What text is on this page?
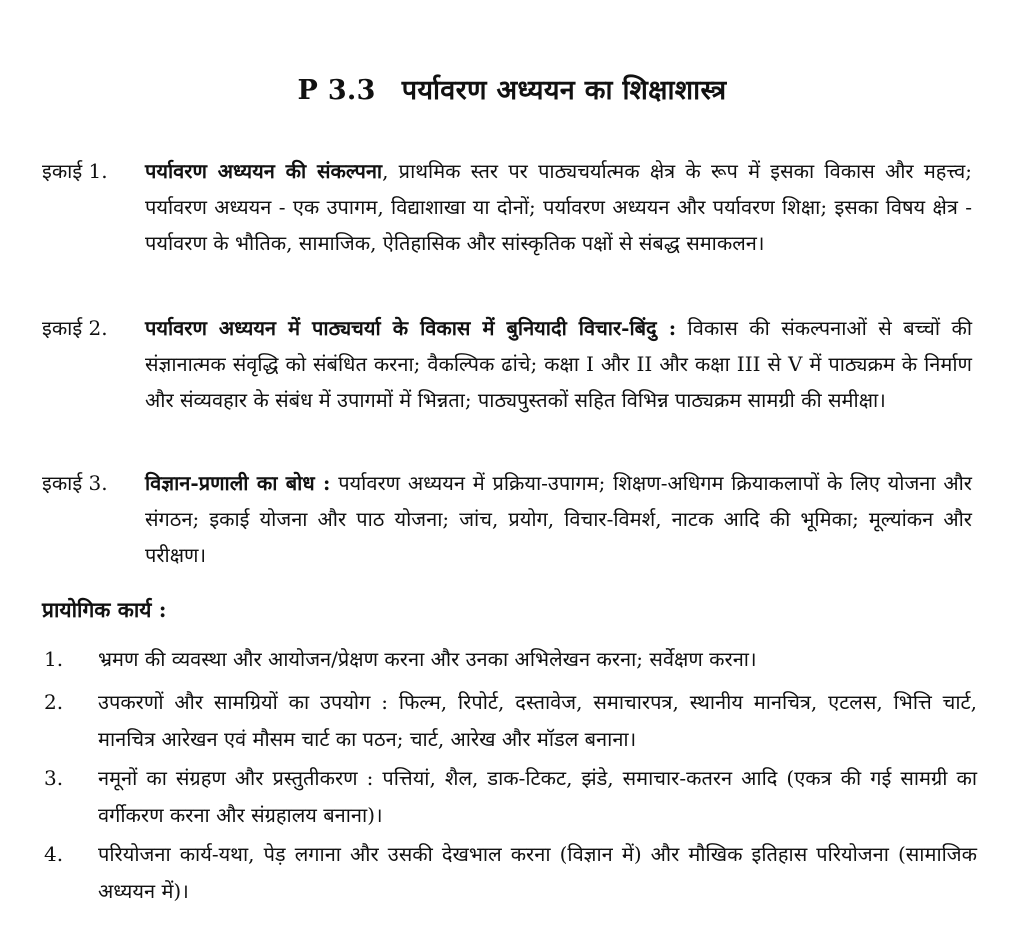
P 3.3 पर्यावरण अध्ययन का शिक्षाशास्त्र
इकाई 1. पर्यावरण अध्ययन की संकल्पना, प्राथमिक स्तर पर पाठ्यचर्यात्मक क्षेत्र के रूप में इसका विकास और महत्त्व; पर्यावरण अध्ययन - एक उपागम, विद्याशाखा या दोनों; पर्यावरण अध्ययन और पर्यावरण शिक्षा; इसका विषय क्षेत्र - पर्यावरण के भौतिक, सामाजिक, ऐतिहासिक और सांस्कृतिक पक्षों से संबद्ध समाकलन।
इकाई 2. पर्यावरण अध्ययन में पाठ्यचर्या के विकास में बुनियादी विचार-बिंदु : विकास की संकल्पनाओं से बच्चों की संज्ञानात्मक संवृद्धि को संबंधित करना; वैकल्पिक ढांचे; कक्षा I और II और कक्षा III से V में पाठ्यक्रम के निर्माण और संव्यवहार के संबंध में उपागमों में भिन्नता; पाठ्यपुस्तकों सहित विभिन्न पाठ्यक्रम सामग्री की समीक्षा।
इकाई 3. विज्ञान-प्रणाली का बोध : पर्यावरण अध्ययन में प्रक्रिया-उपागम; शिक्षण-अधिगम क्रियाकलापों के लिए योजना और संगठन; इकाई योजना और पाठ योजना; जांच, प्रयोग, विचार-विमर्श, नाटक आदि की भूमिका; मूल्यांकन और परीक्षण।
प्रायोगिक कार्य :
1. भ्रमण की व्यवस्था और आयोजन/प्रेक्षण करना और उनका अभिलेखन करना; सर्वेक्षण करना।
2. उपकरणों और सामग्रियों का उपयोग : फिल्म, रिपोर्ट, दस्तावेज, समाचारपत्र, स्थानीय मानचित्र, एटलस, भित्ति चार्ट, मानचित्र आरेखन एवं मौसम चार्ट का पठन; चार्ट, आरेख और मॉडल बनाना।
3. नमूनों का संग्रहण और प्रस्तुतीकरण : पत्तियां, शैल, डाक-टिकट, झंडे, समाचार-कतरन आदि (एकत्र की गई सामग्री का वर्गीकरण करना और संग्रहालय बनाना)।
4. परियोजना कार्य-यथा, पेड़ लगाना और उसकी देखभाल करना (विज्ञान में) और मौखिक इतिहास परियोजना (सामाजिक अध्ययन में)।
